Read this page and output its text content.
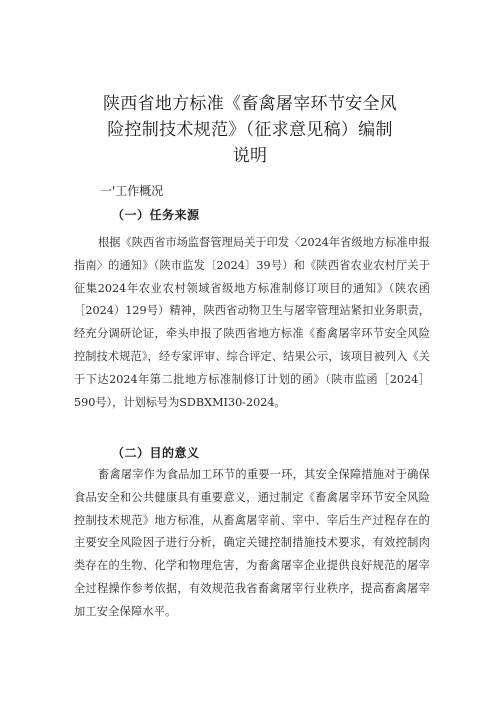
陕西省地方标准《畜禽屠宰环节安全风
险控制技术规范》（征求意见稿）编制
说明
一'工作概况
（一）任务来源
根据《陕西省市场监督管理局关于印发〈2024年省级地方标准申报指南〉的通知》（陕市监发〔2024〕39号）和《陕西省农业农村厅关于征集2024年农业农村领域省级地方标准制修订项目的通知》（陕农函［2024）129号）精神，陕西省动物卫生与屠宰管理站紧扣业务职责，经充分调研论证，牵头申报了陕西省地方标准《畜禽屠宰环节安全风险控制技术规范》，经专家评审、综合评定、结果公示，该项目被列入《关于下达2024年第二批地方标准制修订计划的函》（陕市监函［2024］590号），计划标号为SDBXMI30-2024。
（二）目的意义
畜禽屠宰作为食品加工环节的重要一环，其安全保障措施对于确保食品安全和公共健康具有重要意义，通过制定《畜禽屠宰环节安全风险控制技术规范》地方标准，从畜禽屠宰前、宰中、宰后生产过程存在的主要安全风险因子进行分析，确定关键控制措施技术要求，有效控制肉类存在的生物、化学和物理危害，为畜禽屠宰企业提供良好规范的屠宰全过程操作参考依据，有效规范我省畜禽屠宰行业秩序，提高畜禽屠宰加工安全保障水平。
